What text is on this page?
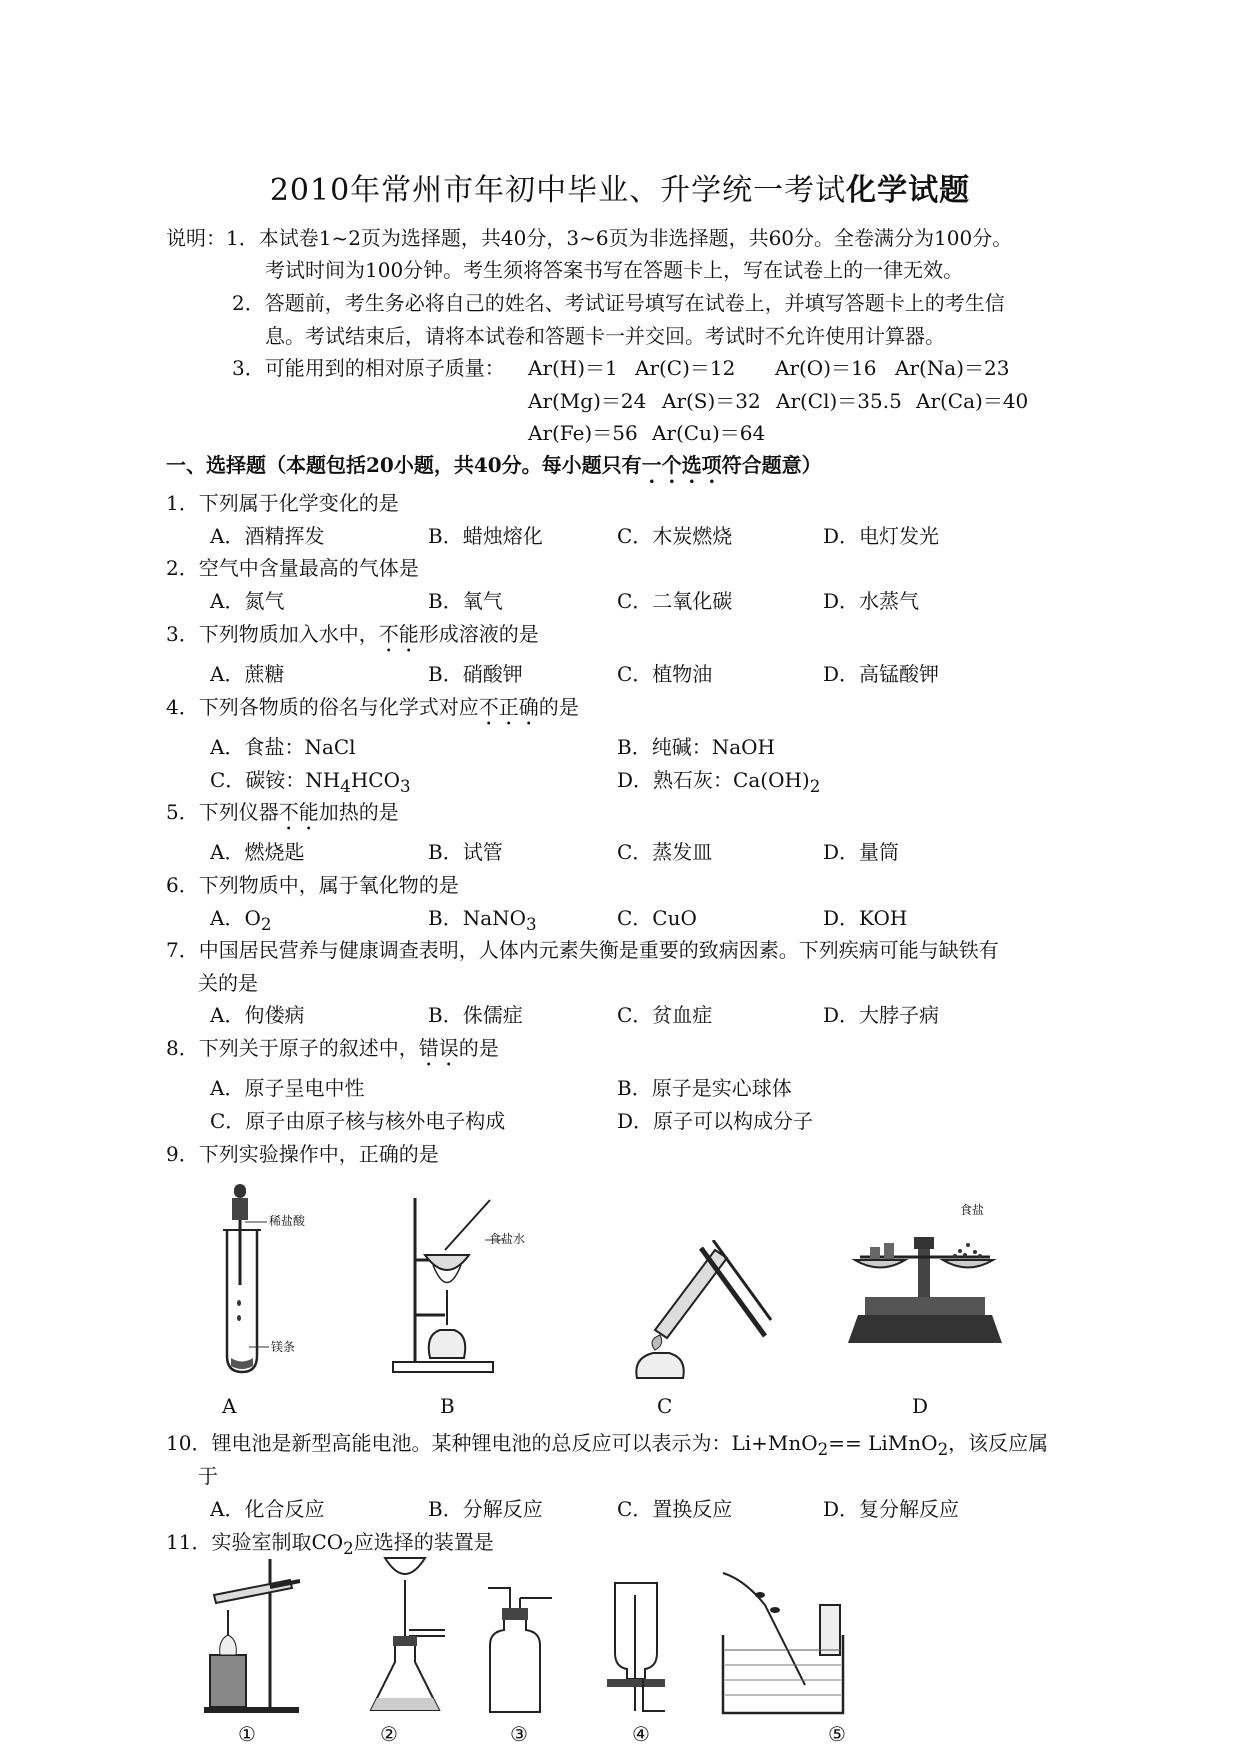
2010年常州市年初中毕业、升学统一考试化学试题
说明：1．本试卷1~2页为选择题，共40分，3~6页为非选择题，共60分。全卷满分为100分。
考试时间为100分钟。考生须将答案书写在答题卡上，写在试卷上的一律无效。
2．答题前，考生务必将自己的姓名、考试证号填写在试卷上，并填写答题卡上的考生信
息。考试结束后，请将本试卷和答题卡一并交回。考试时不允许使用计算器。
3．可能用到的相对原子质量： Ar(H)＝1 Ar(C)＝12 Ar(O)＝16 Ar(Na)＝23
Ar(Mg)＝24 Ar(S)＝32 Ar(Cl)＝35.5 Ar(Ca)＝40
Ar(Fe)＝56 Ar(Cu)＝64
一、选择题（本题包括20小题，共40分。每小题只有一个选项符合题意）
1．下列属于化学变化的是
A．酒精挥发	B．蜡烛熔化	C．木炭燃烧	D．电灯发光
2．空气中含量最高的气体是
A．氮气	B．氧气	C．二氧化碳	D．水蒸气
3．下列物质加入水中，不能形成溶液的是
A．蔗糖	B．硝酸钾	C．植物油	D．高锰酸钾
4．下列各物质的俗名与化学式对应不正确的是
A．食盐：NaCl	B．纯碱：NaOH
C．碳铵：$NH_4HCO_3$	D．熟石灰：$Ca(OH)_2$
5．下列仪器不能加热的是
A．燃烧匙	B．试管	C．蒸发皿	D．量筒
6．下列物质中，属于氧化物的是
A．$O_2$	B．NaNO$_3$	C．CuO	D．KOH
7．中国居民营养与健康调查表明，人体内元素失衡是重要的致病因素。下列疾病可能与缺铁有
关的是
A．佝偻病	B．侏儒症	C．贫血症	D．大脖子病
8．下列关于原子的叙述中，错误的是
A．原子呈电中性	B．原子是实心球体
C．原子由原子核与核外电子构成	D．原子可以构成分子
9．下列实验操作中，正确的是
稀盐酸
镁条
食盐水
食盐
A	B	C	D
10．锂电池是新型高能电池。某种锂电池的总反应可以表示为：Li+MnO$_2$== LiMnO$_2$，该反应属
于
A．化合反应	B．分解反应	C．置换反应	D．复分解反应
11．实验室制取$CO_2$应选择的装置是
①	②	③	④	⑤
